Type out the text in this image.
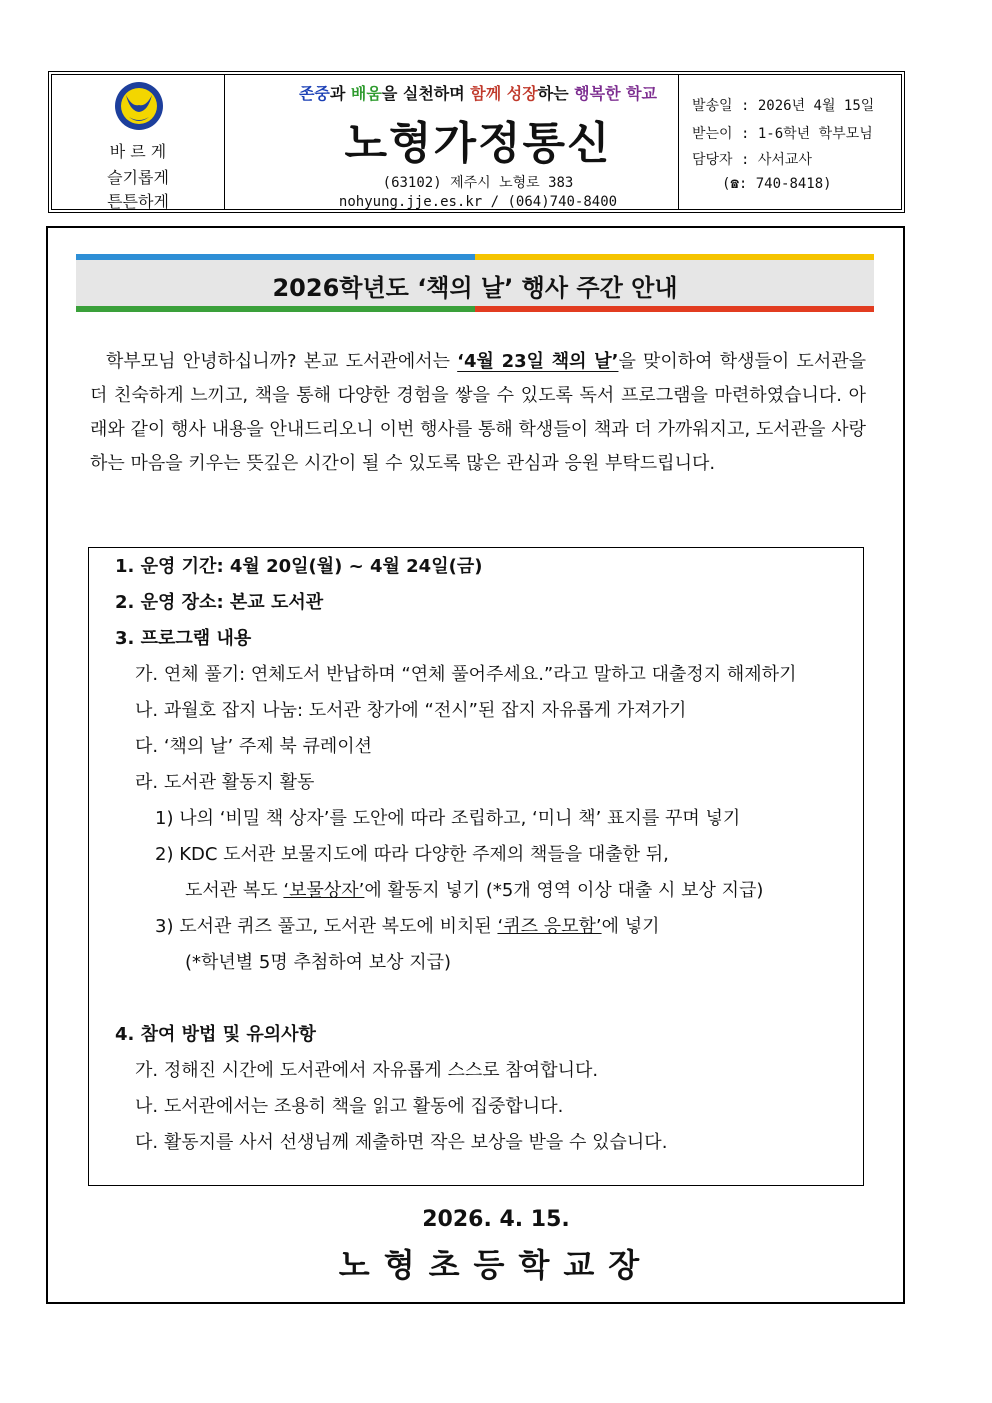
바 르 게
슬기롭게
튼튼하게
존중과 배움을 실천하며 함께 성장하는 행복한 학교
노형가정통신
(63102) 제주시 노형로 383
nohyung.jje.es.kr / (064)740-8400
발송일 : 2026년 4월 15일
받는이 : 1-6학년 학부모님
담당자 : 사서교사
(☎: 740-8418)
2026학년도 ‘책의 날’ 행사 주간 안내
학부모님 안녕하십니까? 본교 도서관에서는 ‘4월 23일 책의 날’을 맞이하여 학생들이 도서관을 더 친숙하게 느끼고, 책을 통해 다양한 경험을 쌓을 수 있도록 독서 프로그램을 마련하였습니다. 아래와 같이 행사 내용을 안내드리오니 이번 행사를 통해 학생들이 책과 더 가까워지고, 도서관을 사랑하는 마음을 키우는 뜻깊은 시간이 될 수 있도록 많은 관심과 응원 부탁드립니다.
1. 운영 기간: 4월 20일(월) ~ 4월 24일(금)
2. 운영 장소: 본교 도서관
3. 프로그램 내용
가. 연체 풀기: 연체도서 반납하며 “연체 풀어주세요.”라고 말하고 대출정지 해제하기
나. 과월호 잡지 나눔: 도서관 창가에 “전시”된 잡지 자유롭게 가져가기
다. ‘책의 날’ 주제 북 큐레이션
라. 도서관 활동지 활동
1) 나의 ‘비밀 책 상자’를 도안에 따라 조립하고, ‘미니 책’ 표지를 꾸며 넣기
2) KDC 도서관 보물지도에 따라 다양한 주제의 책들을 대출한 뒤,
도서관 복도 ‘보물상자’에 활동지 넣기 (*5개 영역 이상 대출 시 보상 지급)
3) 도서관 퀴즈 풀고, 도서관 복도에 비치된 ‘퀴즈 응모함’에 넣기
(*학년별 5명 추첨하여 보상 지급)
4. 참여 방법 및 유의사항
가. 정해진 시간에 도서관에서 자유롭게 스스로 참여합니다.
나. 도서관에서는 조용히 책을 읽고 활동에 집중합니다.
다. 활동지를 사서 선생님께 제출하면 작은 보상을 받을 수 있습니다.
2026. 4. 15.
노형초등학교장
